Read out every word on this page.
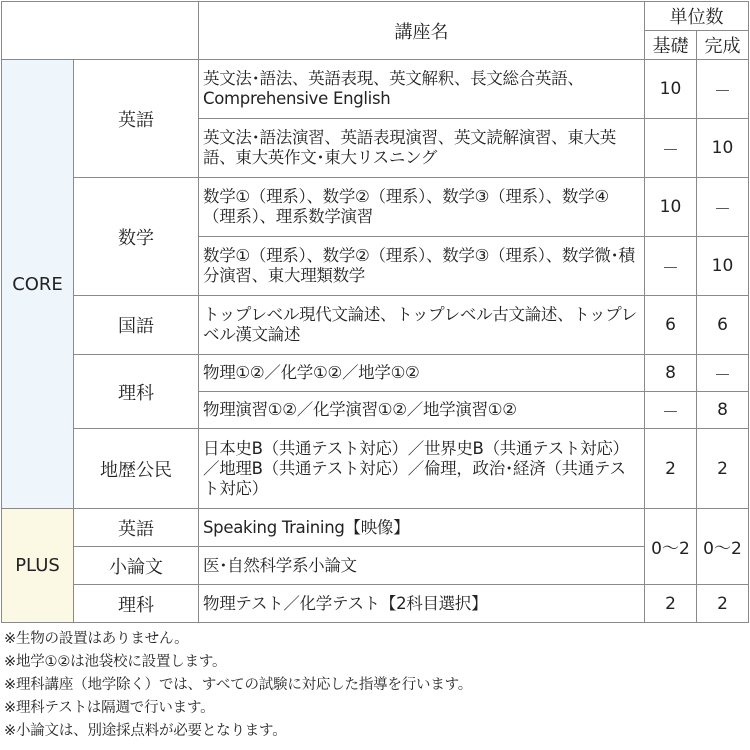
		講座名	単位数	
			基礎	完成
CORE	英語	英文法･語法、英語表現、英文解釈、長文総合英語、Comprehensive English	10	－
		英文法･語法演習、英語表現演習、英文読解演習、東大英語、東大英作文･東大リスニング	－	10
	数学	数学①（理系）、数学②（理系）、数学③（理系）、数学④（理系）、理系数学演習	10	－
		数学①（理系）、数学②（理系）、数学③（理系）、数学微･積分演習、東大理類数学	－	10
	国語	トップレベル現代文論述、トップレベル古文論述、トップレベル漢文論述	6	6
	理科	物理①②／化学①②／地学①②	8	－
		物理演習①②／化学演習①②／地学演習①②	－	8
	地歴公民	日本史B（共通テスト対応）／世界史B（共通テスト対応）／地理B（共通テスト対応）／倫理，政治･経済（共通テスト対応）	2	2
PLUS	英語	Speaking Training【映像】	0～2	0～2
	小論文	医･自然科学系小論文		
	理科	物理テスト／化学テスト【2科目選択】	2	2
※生物の設置はありません。
※地学①②は池袋校に設置します。
※理科講座（地学除く）では、すべての試験に対応した指導を行います。
※理科テストは隔週で行います。
※小論文は、別途採点料が必要となります。
